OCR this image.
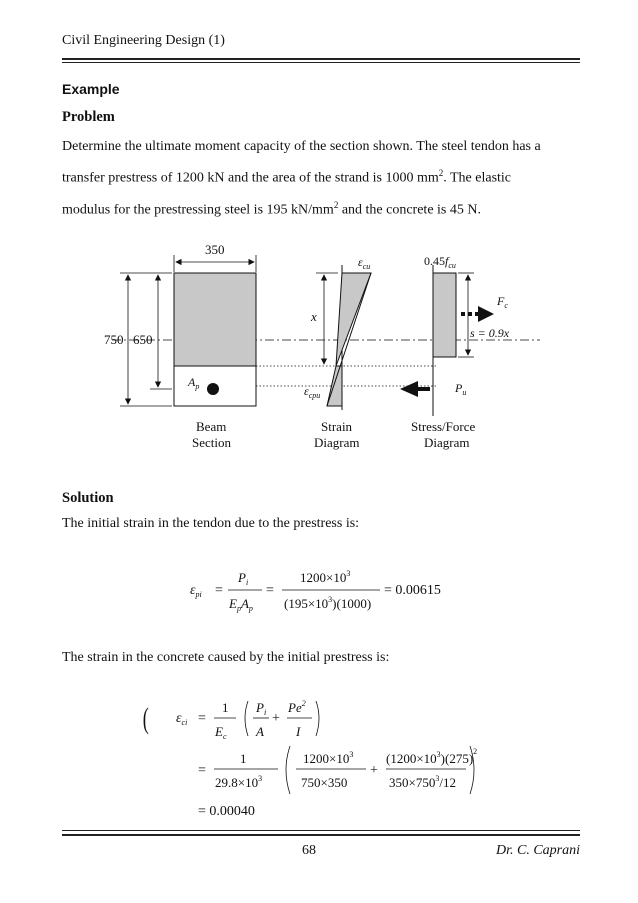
Civil Engineering Design (1)
Example
Problem
Determine the ultimate moment capacity of the section shown. The steel tendon has a
transfer prestress of 1200 kN and the area of the strand is 1000 $mm^2$. The elastic
modulus for the prestressing steel is 195 $kN/mm^2$ and the concrete is 45 N.
$A_p$
350
750 650
Beam
Section
$\varepsilon_{cu}$
x
$\varepsilon_{cpu}$
Strain
Diagram
$0.45f_{cu}$
$F_c$
s = 0.9x
$P_u$
Stress/Force
Diagram
$\varepsilon_{pi}$ =
$P_i$
$E_pA_p$
=
$1200\times 10^3$
$(195\times 10^3)(1000)$
= 0.00615
$\varepsilon_{ci}$ =
1
$E_c$
(	$P_i$
A
+
$Pe^2$
I
=
1
$29.8\times 10^3$
$1200\times 10^3$
750×350
+
$(1200\times 10^3)(275)^2$
$350\times 750^3/12$
= 0.00040
Solution
The initial strain in the tendon due to the prestress is:
The strain in the concrete caused by the initial prestress is:
68	Dr. C. Caprani
